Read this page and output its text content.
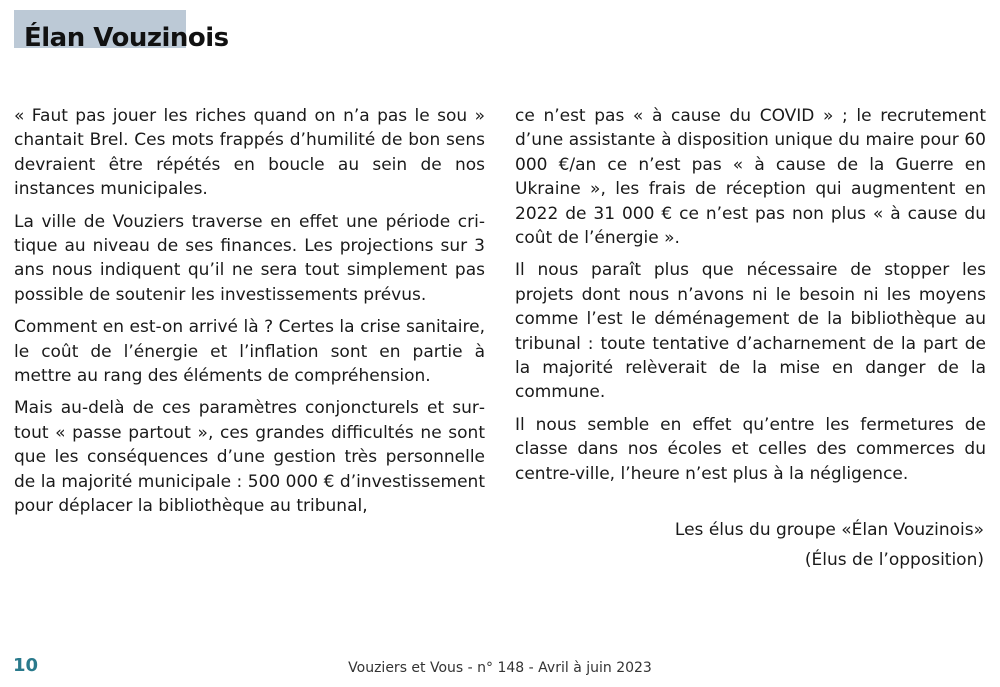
Élan Vouzinois

« Faut pas jouer les riches quand on n’a pas le sou » chantait Brel. Ces mots frappés d’humilité de bon sens devraient être répétés en boucle au sein de nos instances municipales.

La ville de Vouziers traverse en effet une période critique au niveau de ses finances. Les projections sur 3 ans nous indiquent qu’il ne sera tout simplement pas possible de soutenir les investissements prévus.

Comment en est-on arrivé là ? Certes la crise sanitaire, le coût de l’énergie et l’inflation sont en partie à mettre au rang des éléments de compréhension.

Mais au-delà de ces paramètres conjoncturels et surtout « passe partout », ces grandes difficultés ne sont que les conséquences d’une gestion très personnelle de la majorité municipale : 500 000 € d’investissement pour déplacer la bibliothèque au tribunal,

ce n’est pas « à cause du COVID » ; le recrutement d’une assistante à disposition unique du maire pour 60 000 €/an ce n’est pas « à cause de la Guerre en Ukraine », les frais de réception qui augmentent en 2022 de 31 000 € ce n’est pas non plus « à cause du coût de l’énergie ».

Il nous paraît plus que nécessaire de stopper les projets dont nous n’avons ni le besoin ni les moyens comme l’est le déménagement de la bibliothèque au tribunal : toute tentative d’acharnement de la part de la majorité relèverait de la mise en danger de la commune.

Il nous semble en effet qu’entre les fermetures de classe dans nos écoles et celles des commerces du centre-ville, l’heure n’est plus à la négligence.

Les élus du groupe «Élan Vouzinois»
(Élus de l’opposition)
10	Vouziers et Vous - n° 148 - Avril à juin 2023
